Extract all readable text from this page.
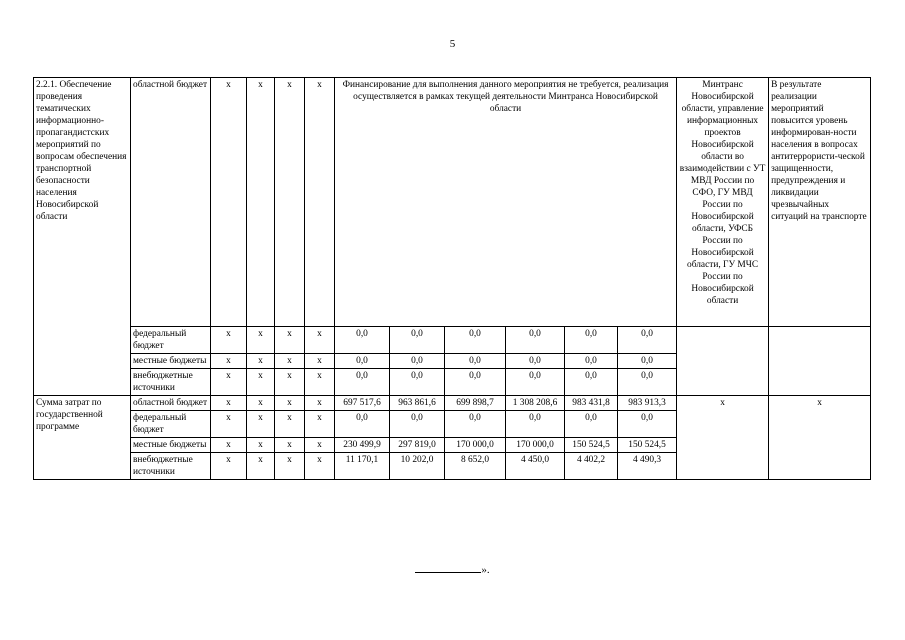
5
2.2.1. Обеспечение проведения тематических информационно-пропагандистских мероприятий по вопросам обеспечения транспортной безопасности населения Новосибирской области	областной бюджет	x	x	x	x	Финансирование для выполнения данного мероприятия не требуется, реализация осуществляется в рамках текущей деятельности Минтранса Новосибирской области						Минтранс Новосибирской области, управление информационных проектов Новосибирской области во взаимодействии с УТ МВД России по СФО, ГУ МВД России по Новосибирской области, УФСБ России по Новосибирской области, ГУ МЧС России по Новосибирской области	В результате реализации мероприятий повысится уровень информирован-ности населения в вопросах антитеррористи-ческой защищенности, предупреждения и ликвидации чрезвычайных ситуаций на транспорте
	федеральный бюджет	x	x	x	x	0,0	0,0	0,0	0,0	0,0	0,0		
	местные бюджеты	x	x	x	x	0,0	0,0	0,0	0,0	0,0	0,0		
	внебюджетные источники	x	x	x	x	0,0	0,0	0,0	0,0	0,0	0,0		
Сумма затрат по государственной программе	областной бюджет	x	x	x	x	697 517,6	963 861,6	699 898,7	1 308 208,6	983 431,8	983 913,3	х	х
	федеральный бюджет	x	x	x	x	0,0	0,0	0,0	0,0	0,0	0,0		
	местные бюджеты	x	x	x	x	230 499,9	297 819,0	170 000,0	170 000,0	150 524,5	150 524,5		
	внебюджетные источники	x	x	x	x	11 170,1	10 202,0	8 652,0	4 450,0	4 402,2	4 490,3		
».
